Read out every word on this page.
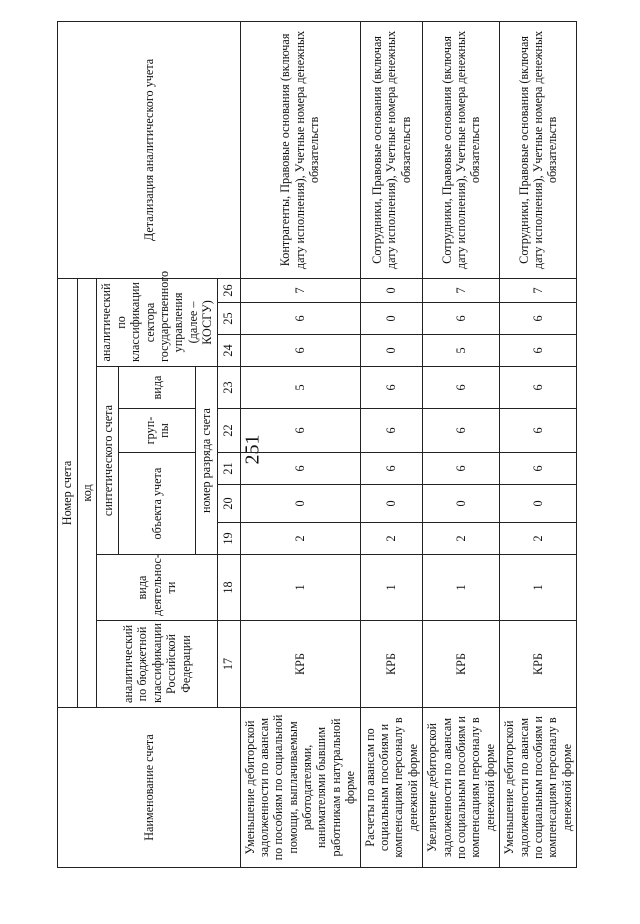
251
Наименование счета	Номер счета										Детализация аналитического учета
	код										
	аналитический по бюджетной классификации Российской Федерации	вида деятельнос-ти	синтетического счета					аналитический по классификации сектора государственного управления (далее – КОСГУ)			
			объекта учета			груп-пы	вида				
			номер разряда счета								
	17	18	19	20	21	22	23	24	25	26	
Уменьшение дебиторской задолженности по авансам по пособиям по социальной помощи, выплачиваемым работодателями, нанимателями бывшим работникам в натуральной форме	КРБ	1	2	0	6	6	5	6	6	7	Контрагенты, Правовые основания (включая дату исполнения), Учетные номера денежных обязательств
Расчеты по авансам по социальным пособиям и компенсациям персоналу в денежной форме	КРБ	1	2	0	6	6	6	0	0	0	Сотрудники, Правовые основания (включая дату исполнения), Учетные номера денежных обязательств
Увеличение дебиторской задолженности по авансам по социальным пособиям и компенсациям персоналу в денежной форме	КРБ	1	2	0	6	6	6	5	6	7	Сотрудники, Правовые основания (включая дату исполнения), Учетные номера денежных обязательств
Уменьшение дебиторской задолженности по авансам по социальным пособиям и компенсациям персоналу в денежной форме	КРБ	1	2	0	6	6	6	6	6	7	Сотрудники, Правовые основания (включая дату исполнения), Учетные номера денежных обязательств
